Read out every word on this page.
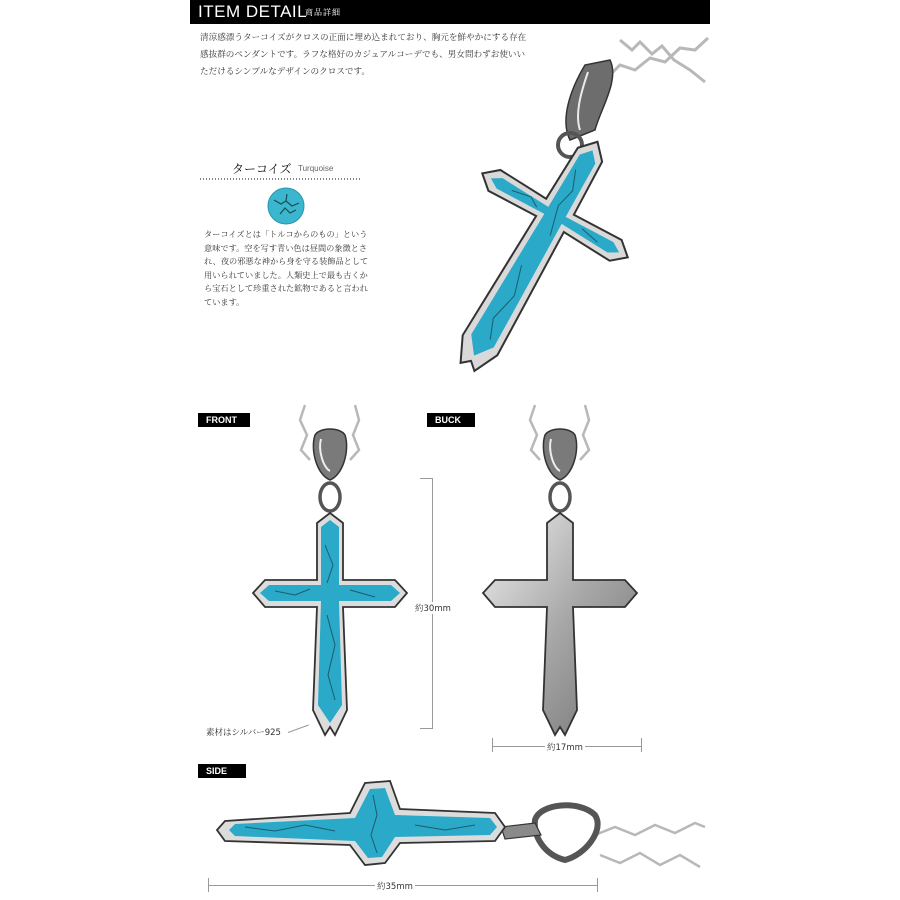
ITEM DETAIL
商品詳細
清涼感漂うターコイズがクロスの正面に埋め込まれており、胸元を鮮やかにする存在感抜群のペンダントです。ラフな格好のカジュアルコーデでも、男女問わずお使いいただけるシンプルなデザインのクロスです。
ターコイズ Turquoise
ターコイズとは「トルコからのもの」という意味です。空を写す青い色は昼間の象徴とされ、夜の邪悪な神から身を守る装飾品として用いられていました。人類史上で最も古くから宝石として珍重された鉱物であると言われています。
FRONT	BUCK
約30mm
素材はシルバー925
約17mm
SIDE
約35mm
